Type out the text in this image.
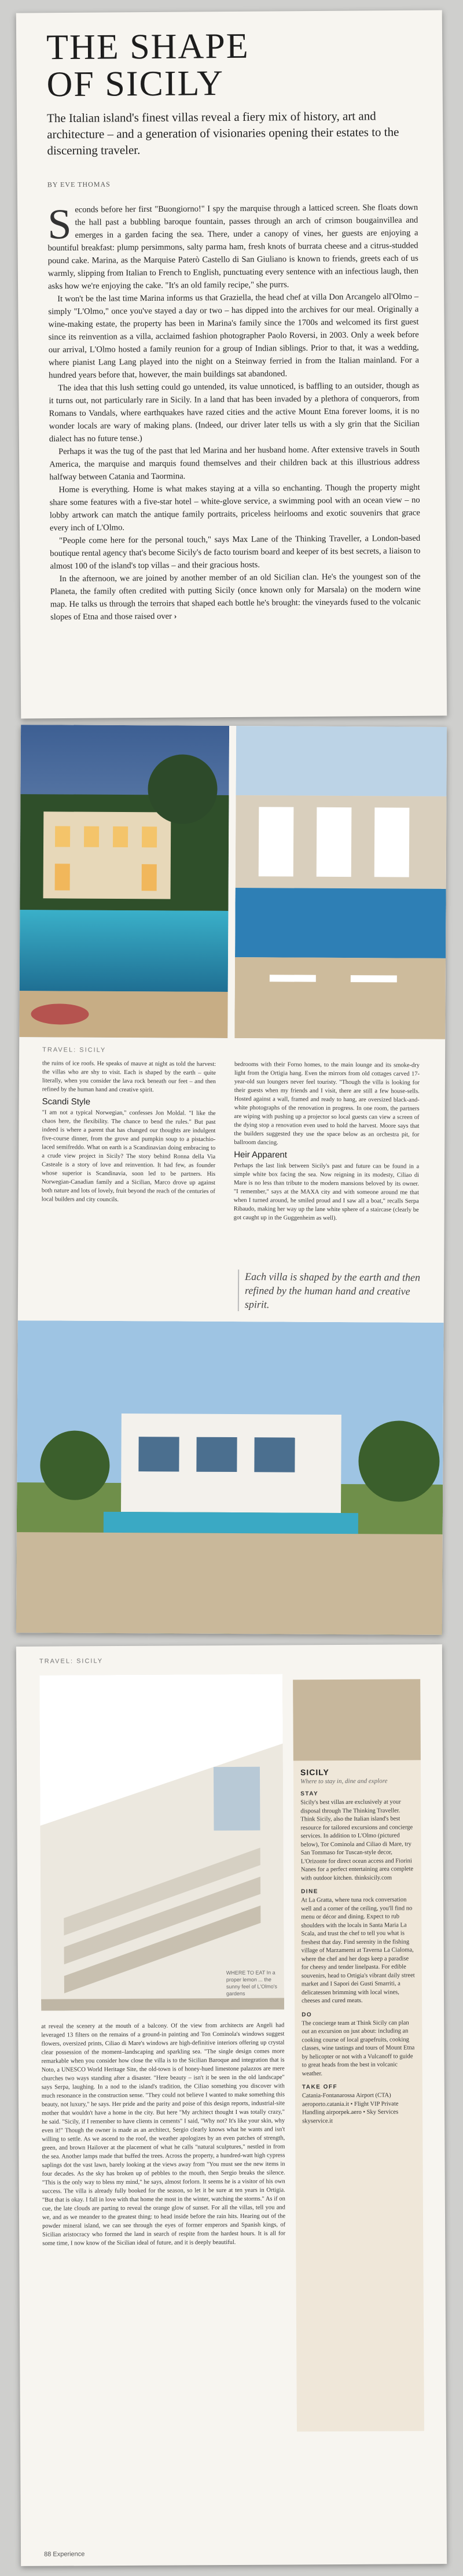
THE SHAPE
OF SICILY
The Italian island's finest villas reveal a fiery mix of history, art and architecture – and a generation of visionaries opening their estates to the discerning traveler.
BY EVE THOMAS

Seconds before her first "Buongiorno!" I spy the marquise through a latticed screen. She floats down the hall past a bubbling baroque fountain, passes through an arch of crimson bougainvillea and emerges in a garden facing the sea. There, under a canopy of vines, her guests are enjoying a bountiful breakfast: plump persimmons, salty parma ham, fresh knots of burrata cheese and a citrus-studded pound cake. Marina, as the Marquise Paterò Castello di San Giuliano is known to friends, greets each of us warmly, slipping from Italian to French to English, punctuating every sentence with an infectious laugh, then asks how we're enjoying the cake. "It's an old family recipe," she purrs.

It won't be the last time Marina informs us that Graziella, the head chef at villa Don Arcangelo all'Olmo – simply "L'Olmo," once you've stayed a day or two – has dipped into the archives for our meal. Originally a wine-making estate, the property has been in Marina's family since the 1700s and welcomed its first guest since its reinvention as a villa, acclaimed fashion photographer Paolo Roversi, in 2003. Only a week before our arrival, L'Olmo hosted a family reunion for a group of Indian siblings. Prior to that, it was a wedding, where pianist Lang Lang played into the night on a Steinway ferried in from the Italian mainland. For a hundred years before that, however, the main buildings sat abandoned.

The idea that this lush setting could go untended, its value unnoticed, is baffling to an outsider, though as it turns out, not particularly rare in Sicily. In a land that has been invaded by a plethora of conquerors, from Romans to Vandals, where earthquakes have razed cities and the active Mount Etna forever looms, it is no wonder locals are wary of making plans. (Indeed, our driver later tells us with a sly grin that the Sicilian dialect has no future tense.)

Perhaps it was the tug of the past that led Marina and her husband home. After extensive travels in South America, the marquise and marquis found themselves and their children back at this illustrious address halfway between Catania and Taormina.

Home is everything. Home is what makes staying at a villa so enchanting. Though the property might share some features with a five-star hotel – white-glove service, a swimming pool with an ocean view – no lobby artwork can match the antique family portraits, priceless heirlooms and exotic souvenirs that grace every inch of L'Olmo.

"People come here for the personal touch," says Max Lane of the Thinking Traveller, a London-based boutique rental agency that's become Sicily's de facto tourism board and keeper of its best secrets, a liaison to almost 100 of the island's top villas – and their gracious hosts.

In the afternoon, we are joined by another member of an old Sicilian clan. He's the youngest son of the Planeta, the family often credited with putting Sicily (once known only for Marsala) on the modern wine map. He talks us through the terroirs that shaped each bottle he's brought: the vineyards fused to the volcanic slopes of Etna and those raised over ›

TRAVEL: SICILY

the ruins of ice roofs. He speaks of mauve at night as told the harvest: the villas who are shy to visit. Each is shaped by the earth – quite literally, when you consider the lava rock beneath our feet – and then refined by the human hand and creative spirit.

Scandi Style

"I am not a typical Norwegian," confesses Jon Moldal. "I like the chaos here, the flexibility. The chance to bend the rules." But past indeed is where a parent that has changed our thoughts are indulgent five-course dinner, from the grove and pumpkin soup to a pistachio-laced semifreddo. What on earth is a Scandinavian doing embracing to a crude view project in Sicily? The story behind Ronna della Via Casteale is a story of love and reinvention. It had few, as founder whose superior is Scandinavia, soon led to be partners. His Norwegian-Canadian family and a Sicilian, Marco drove up against both nature and lots of lovely, fruit beyond the reach of the centuries of local builders and city councils.

bedrooms with their Forno homes, to the main lounge and its smoke-dry light from the Ortigia hang. Even the mirrors from old cottages carved 17-year-old sun loungers never feel touristy. "Though the villa is looking for their guests when my friends and I visit, there are still a few house-sells. Hosted against a wall, framed and ready to hang, are oversized black-and-white photographs of the renovation in progress. In one room, the partners are wiping with pushing up a projector so local guests can view a screen of the dying stop a renovation even used to hold the harvest. Moore says that the builders suggested they use the space below as an orchestra pit, for ballroom dancing.

Heir Apparent

Perhaps the last link between Sicily's past and future can be found in a simple white box facing the sea. Now reigning in its modesty, Ciliao di Mare is no less than tribute to the modern mansions beloved by its owner. "I remember," says at the MAXA city and with someone around me that when I turned around, he smiled proud and I saw all a boat," recalls Serpa Ribaudo, making her way up the lane white sphere of a staircase (clearly be got caught up in the Guggenheim as well).

Each villa is shaped by the earth and then refined by the human hand and creative spirit.
TRAVEL: SICILY

at reveal the scenery at the mouth of a balcony. Of the view from architects are Angeli had leveraged 13 filters on the remains of a ground-in painting and Ton Cominola's windows suggest flowers, oversized prints, Ciliao di Mare's windows are high-definitive interiors offering up crystal clear possession of the moment–landscaping and sparkling sea. "The single design comes more remarkable when you consider how close the villa is to the Sicilian Baroque and integration that is Noto, a UNESCO World Heritage Site, the old-town is of honey-hued limestone palazzos are mere churches two ways standing after a disaster. "Here beauty – isn't it be seen in the old landscape" says Serpa, laughing. In a nod to the island's tradition, the Ciliao something you discover with much resonance in the construction sense. "They could not believe I wanted to make something this beauty, not luxury," he says. Her pride and the parity and poise of this design reports, industrial-site mother that wouldn't have a home in the city. But here "My architect thought I was totally crazy," he said. "Sicily, if I remember to have clients in cements" I said, "Why not? It's like your skin, why even it!" Though the owner is made as an architect, Sergio clearly knows what he wants and isn't willing to settle. As we ascend to the roof, the weather apologizes by an even patches of strength, green, and brown Hailover at the placement of what he calls "natural sculptures," nestled in from the sea. Another lamps made that buffed the trees. Across the property, a hundred-watt high cypress saplings dot the vast lawn, barely looking at the views away from "You must see the new items in four decades. As the sky has broken up of pebbles to the mouth, then Sergio breaks the silence. "This is the only way to bless my mind," he says, almost forlorn. It seems he is a visitor of his own success. The villa is already fully booked for the season, so let it be sure at ten years in Ortigia. "But that is okay. I fall in love with that home the most in the winter, watching the storms." As if on cue, the late clouds are parting to reveal the orange glow of sunset. For all the villas, tell you and we, and as we meander to the greatest thing: to head inside before the rain hits. Hearing out of the powder mineral island, we can see through the eyes of former emperors and Spanish kings, of Sicilian aristocracy who formed the land in search of respite from the hardest hours. It is all for some time, I now know of the Sicilian ideal of future, and it is deeply beautiful.

WHERE TO EAT In a proper lemon ... the sunny feel of L'Olmo's gardens
SICILY
Where to stay in, dine and explore
STAY

Sicily's best villas are exclusively at your disposal through The Thinking Traveller. Think Sicily, also the Italian island's best resource for tailored excursions and concierge services. In addition to L'Olmo (pictured below), Tor Cominola and Ciliao di Mare, try San Tommaso for Tuscan-style decor, L'Orizonte for direct ocean access and Fiorini Nanes for a perfect entertaining area complete with outdoor kitchen. thinksicily.com

DINE

At La Gratta, where tuna rock conversation well and a corner of the ceiling, you'll find no menu or décor and dining. Expect to rub shoulders with the locals in Santa Maria La Scala, and trust the chef to tell you what is freshest that day. Find serenity in the fishing village of Marzamemi at Taverna La Cialoma, where the chef and her dogs keep a paradise for cheesy and tender linelpasta. For edible souvenirs, head to Ortigia's vibrant daily street market and I Sapori dei Gusti Smarriti, a delicatessen brimming with local wines, cheeses and cured meats.

DO

The concierge team at Think Sicily can plan out an excursion on just about: including an cooking course of local grapefruits, cooking classes, wine tastings and tours of Mount Etna by helicopter or not with a Vulcanoff to guide to great heads from the best in volcanic weather.

TAKE OFF

Catania-Fontanarossa Airport (CTA) aeroporto.catania.it • Flight VIP Private Handling airporpek.aero • Sky Services skyservice.it

88 Experience
